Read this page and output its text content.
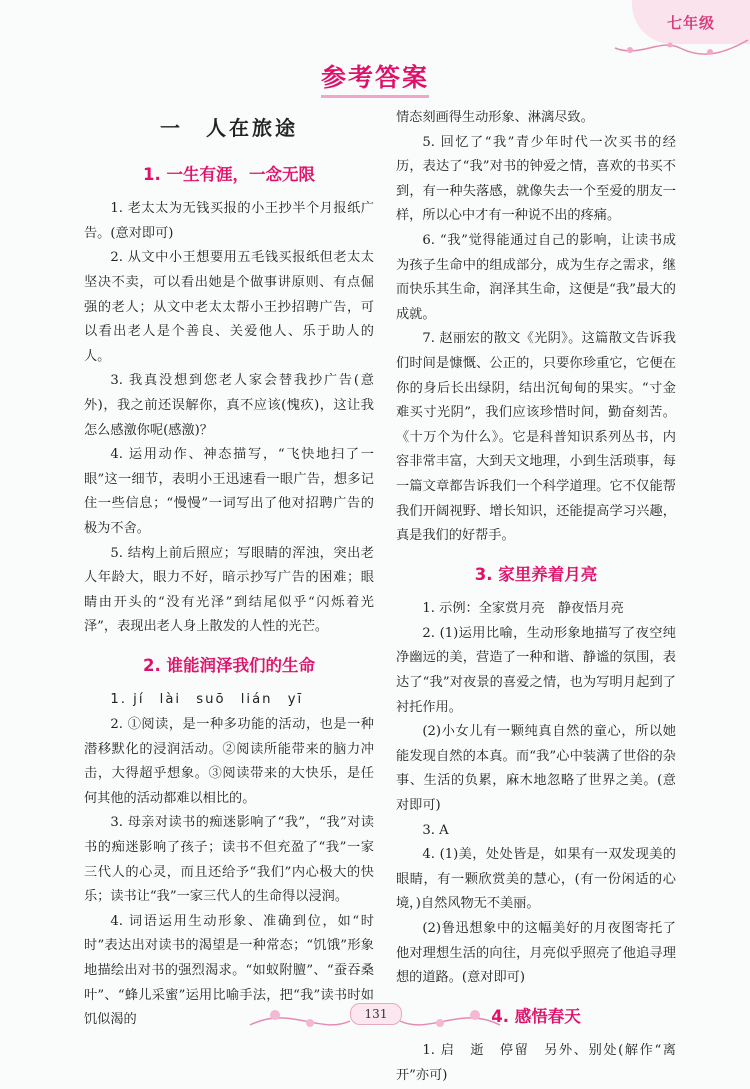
七年级
参考答案
一　人在旅途
1. 一生有涯，一念无限

1. 老太太为无钱买报的小王抄半个月报纸广告。(意对即可)

2. 从文中小王想要用五毛钱买报纸但老太太坚决不卖，可以看出她是个做事讲原则、有点倔强的老人；从文中老太太帮小王抄招聘广告，可以看出老人是个善良、关爱他人、乐于助人的人。

3. 我真没想到您老人家会替我抄广告(意外)，我之前还误解你，真不应该(愧疚)，这让我怎么感激你呢(感激)？

4. 运用动作、神态描写，“飞快地扫了一眼”这一细节，表明小王迅速看一眼广告，想多记住一些信息；“慢慢”一词写出了他对招聘广告的极为不舍。

5. 结构上前后照应；写眼睛的浑浊，突出老人年龄大，眼力不好，暗示抄写广告的困难；眼睛由开头的“没有光泽”到结尾似乎“闪烁着光泽”，表现出老人身上散发的人性的光芒。

2. 谁能润泽我们的生命

1. jí　lài　suō　lián　yī

2. ①阅读，是一种多功能的活动，也是一种潜移默化的浸润活动。②阅读所能带来的脑力冲击，大得超乎想象。③阅读带来的大快乐，是任何其他的活动都难以相比的。

3. 母亲对读书的痴迷影响了“我”，“我”对读书的痴迷影响了孩子；读书不但充盈了“我”一家三代人的心灵，而且还给予“我们”内心极大的快乐；读书让“我”一家三代人的生命得以浸润。

4. 词语运用生动形象、准确到位，如“时时”表达出对读书的渴望是一种常态；“饥饿”形象地描绘出对书的强烈渴求。“如蚁附膻”、“蚕吞桑叶”、“蜂儿采蜜”运用比喻手法，把“我”读书时如饥似渴的

情态刻画得生动形象、淋漓尽致。

5. 回忆了“我”青少年时代一次买书的经历，表达了“我”对书的钟爱之情，喜欢的书买不到，有一种失落感，就像失去一个至爱的朋友一样，所以心中才有一种说不出的疼痛。

6. “我”觉得能通过自己的影响，让读书成为孩子生命中的组成部分，成为生存之需求，继而快乐其生命，润泽其生命，这便是“我”最大的成就。

7. 赵丽宏的散文《光阴》。这篇散文告诉我们时间是慷慨、公正的，只要你珍重它，它便在你的身后长出绿阴，结出沉甸甸的果实。“寸金难买寸光阴”，我们应该珍惜时间，勤奋刻苦。《十万个为什么》。它是科普知识系列丛书，内容非常丰富，大到天文地理，小到生活琐事，每一篇文章都告诉我们一个科学道理。它不仅能帮我们开阔视野、增长知识，还能提高学习兴趣，真是我们的好帮手。

3. 家里养着月亮

1. 示例：全家赏月亮　静夜悟月亮

2. (1)运用比喻，生动形象地描写了夜空纯净幽远的美，营造了一种和谐、静谧的氛围，表达了“我”对夜景的喜爱之情，也为写明月起到了衬托作用。

(2)小女儿有一颗纯真自然的童心，所以她能发现自然的本真。而“我”心中装满了世俗的杂事、生活的负累，麻木地忽略了世界之美。(意对即可)

3. A

4. (1)美，处处皆是，如果有一双发现美的眼睛，有一颗欣赏美的慧心，(有一份闲适的心境，)自然风物无不美丽。

(2)鲁迅想象中的这幅美好的月夜图寄托了他对理想生活的向往，月亮似乎照亮了他追寻理想的道路。(意对即可)

4. 感悟春天

1. 启　逝　停留　另外、别处(解作“离开”亦可)

131
